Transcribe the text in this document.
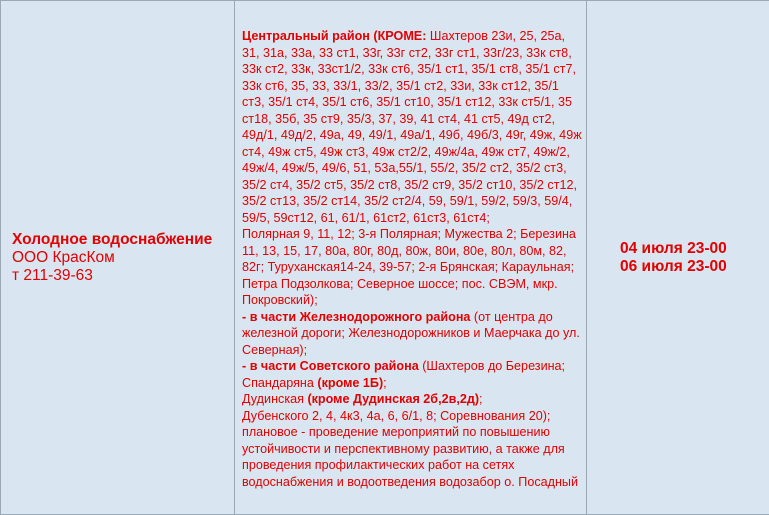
Холодное водоснабжение
ООО КрасКом
т 211-39-63

Центральный район (КРОМЕ: Шахтеров 23и, 25, 25а, 31, 31а, 33а, 33 ст1, 33г, 33г ст2, 33г ст1, 33г/23, 33к ст8, 33к ст2, 33к, 33ст1/2, 33к ст6, 35/1 ст1, 35/1 ст8, 35/1 ст7, 33к ст6, 35, 33, 33/1, 33/2, 35/1 ст2, 33и, 33к ст12, 35/1 ст3, 35/1 ст4, 35/1 ст6, 35/1 ст10, 35/1 ст12, 33к ст5/1, 35 ст18, 35б, 35 ст9, 35/3, 37, 39, 41 ст4, 41 ст5, 49д ст2, 49д/1, 49д/2, 49а, 49, 49/1, 49а/1, 49б, 49б/3, 49г, 49ж, 49ж ст4, 49ж ст5, 49ж ст3, 49ж ст2/2, 49ж/4а, 49ж ст7, 49ж/2, 49ж/4, 49ж/5, 49/6, 51, 53а,55/1, 55/2, 35/2 ст2, 35/2 ст3, 35/2 ст4, 35/2 ст5, 35/2 ст8, 35/2 ст9, 35/2 ст10, 35/2 ст12, 35/2 ст13, 35/2 ст14, 35/2 ст2/4, 59, 59/1, 59/2, 59/3, 59/4, 59/5, 59ст12, 61, 61/1, 61ст2, 61ст3, 61ст4;
Полярная 9, 11, 12; 3-я Полярная; Мужества 2; Березина 11, 13, 15, 17, 80а, 80г, 80д, 80ж, 80и, 80е, 80л, 80м, 82, 82г; Туруханская14-24, 39-57; 2-я Брянская; Караульная; Петра Подзолкова; Северное шоссе; пос. СВЭМ, мкр. Покровский);
- в части Железнодорожного района (от центра до железной дороги; Железнодорожников и Маерчака до ул. Северная);
- в части Советского района (Шахтеров до Березина; Спандаряна (кроме 1Б);
Дудинская (кроме Дудинская 2б,2в,2д);
Дубенского 2, 4, 4к3, 4а, 6, 6/1, 8; Соревнования 20);
плановое - проведение мероприятий по повышению устойчивости и перспективному развитию, а также для проведения профилактических работ на сетях водоснабжения и водоотведения водозабор о. Посадный

04 июля 23-00
06 июля 23-00
